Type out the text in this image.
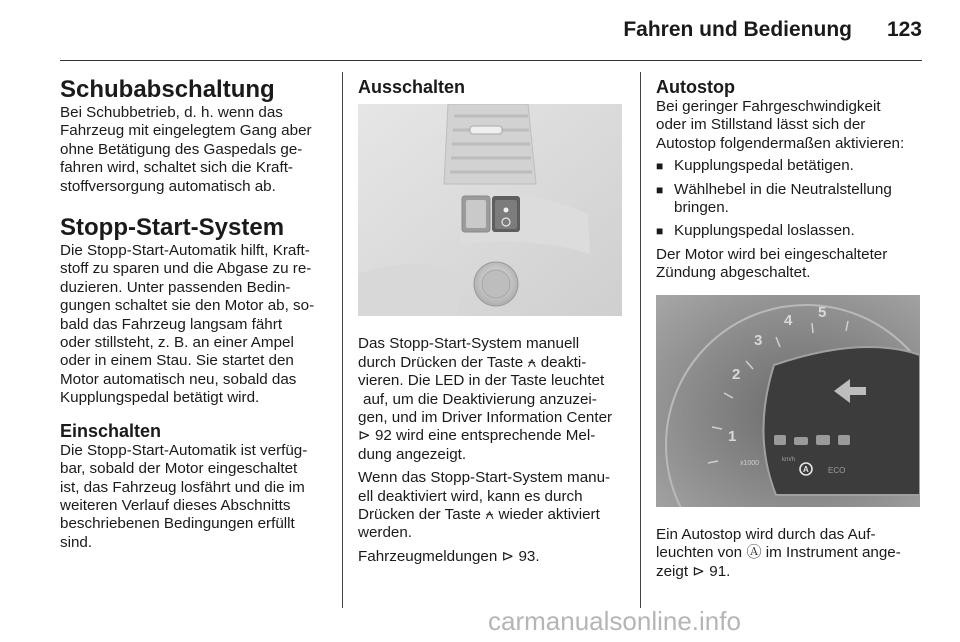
Fahren und Bedienung 123
Schubabschaltung

Bei Schubbetrieb, d. h. wenn das
Fahrzeug mit eingelegtem Gang aber
ohne Betätigung des Gaspedals ge-
fahren wird, schaltet sich die Kraft-
stoffversorgung automatisch ab.

Stopp-Start-System

Die Stopp-Start-Automatik hilft, Kraft-
stoff zu sparen und die Abgase zu re-
duzieren. Unter passenden Bedin-
gungen schaltet sie den Motor ab, so-
bald das Fahrzeug langsam fährt
oder stillsteht, z. B. an einer Ampel
oder in einem Stau. Sie startet den
Motor automatisch neu, sobald das
Kupplungspedal betätigt wird.

Einschalten

Die Stopp-Start-Automatik ist verfüg-
bar, sobald der Motor eingeschaltet
ist, das Fahrzeug losfährt und die im
weiteren Verlauf dieses Abschnitts
beschriebenen Bedingungen erfüllt
sind.

Ausschalten

Das Stopp-Start-System manuell
durch Drücken der Taste ⍲ deakti-
vieren. Die LED in der Taste leuchtet
auf, um die Deaktivierung anzuzei-
gen, und im Driver Information Center
⊳ 92 wird eine entsprechende Mel-
dung angezeigt.

Wenn das Stopp-Start-System manu-
ell deaktiviert wird, kann es durch
Drücken der Taste ⍲ wieder aktiviert
werden.

Fahrzeugmeldungen ⊳ 93.

Autostop

Bei geringer Fahrgeschwindigkeit
oder im Stillstand lässt sich der
Autostop folgendermaßen aktivieren:

■ Kupplungspedal betätigen.
■ Wählhebel in die Neutralstellung bringen.
■ Kupplungspedal loslassen.

Der Motor wird bei eingeschalteter
Zündung abgeschaltet.

1
2
3
4 5
x1000
A ECO
km/h

Ein Autostop wird durch das Auf-
leuchten von Ⓐ im Instrument ange-
zeigt ⊳ 91.

carmanualsonline.info
